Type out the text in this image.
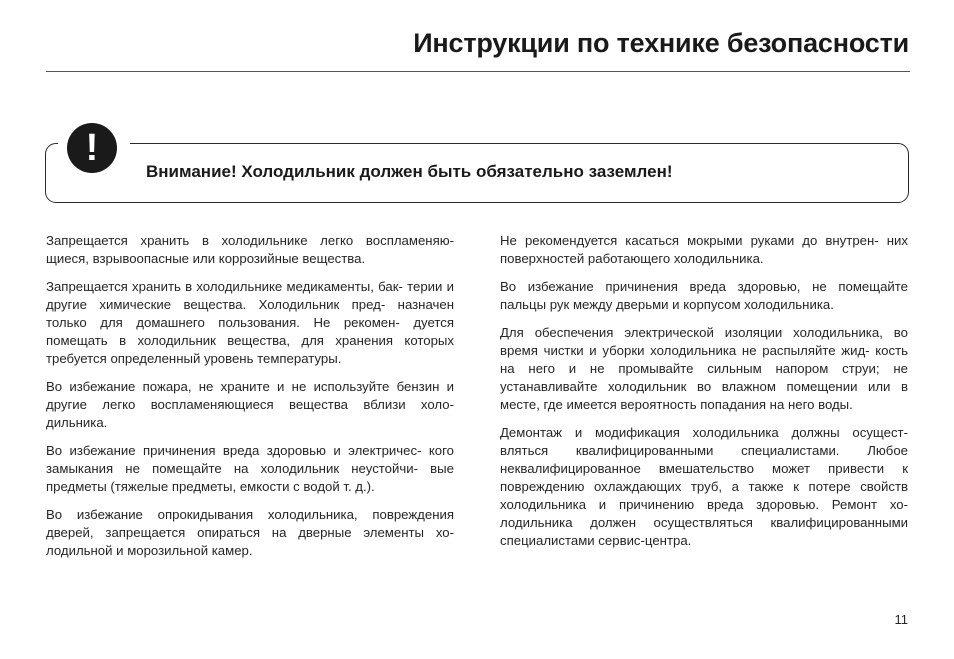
Инструкции по технике безопасности
!

Внимание! Холодильник должен быть обязательно заземлен!

Запрещается хранить в холодильнике легко воспламеняю- щиеся, взрывоопасные или коррозийные вещества.

Запрещается хранить в холодильнике медикаменты, бак- терии и другие химические вещества. Холодильник пред- назначен только для домашнего пользования. Не рекомен- дуется помещать в холодильник вещества, для хранения которых требуется определенный уровень температуры.

Во избежание пожара, не храните и не используйте бензин и другие легко воспламеняющиеся вещества вблизи холо- дильника.

Во избежание причинения вреда здоровью и электричес- кого замыкания не помещайте на холодильник неустойчи- вые предметы (тяжелые предметы, емкости с водой т. д.).

Во избежание опрокидывания холодильника, повреждения дверей, запрещается опираться на дверные элементы хо- лодильной и морозильной камер.

Не рекомендуется касаться мокрыми руками до внутрен- них поверхностей работающего холодильника.

Во избежание причинения вреда здоровью, не помещайте пальцы рук между дверьми и корпусом холодильника.

Для обеспечения электрической изоляции холодильника, во время чистки и уборки холодильника не распыляйте жид- кость на него и не промывайте сильным напором струи; не устанавливайте холодильник во влажном помещении или в месте, где имеется вероятность попадания на него воды.

Демонтаж и модификация холодильника должны осущест- вляться квалифицированными специалистами. Любое неквалифицированное вмешательство может привести к повреждению охлаждающих труб, а также к потере свойств холодильника и причинению вреда здоровью. Ремонт хо- лодильника должен осуществляться квалифицированными специалистами сервис-центра.

11
